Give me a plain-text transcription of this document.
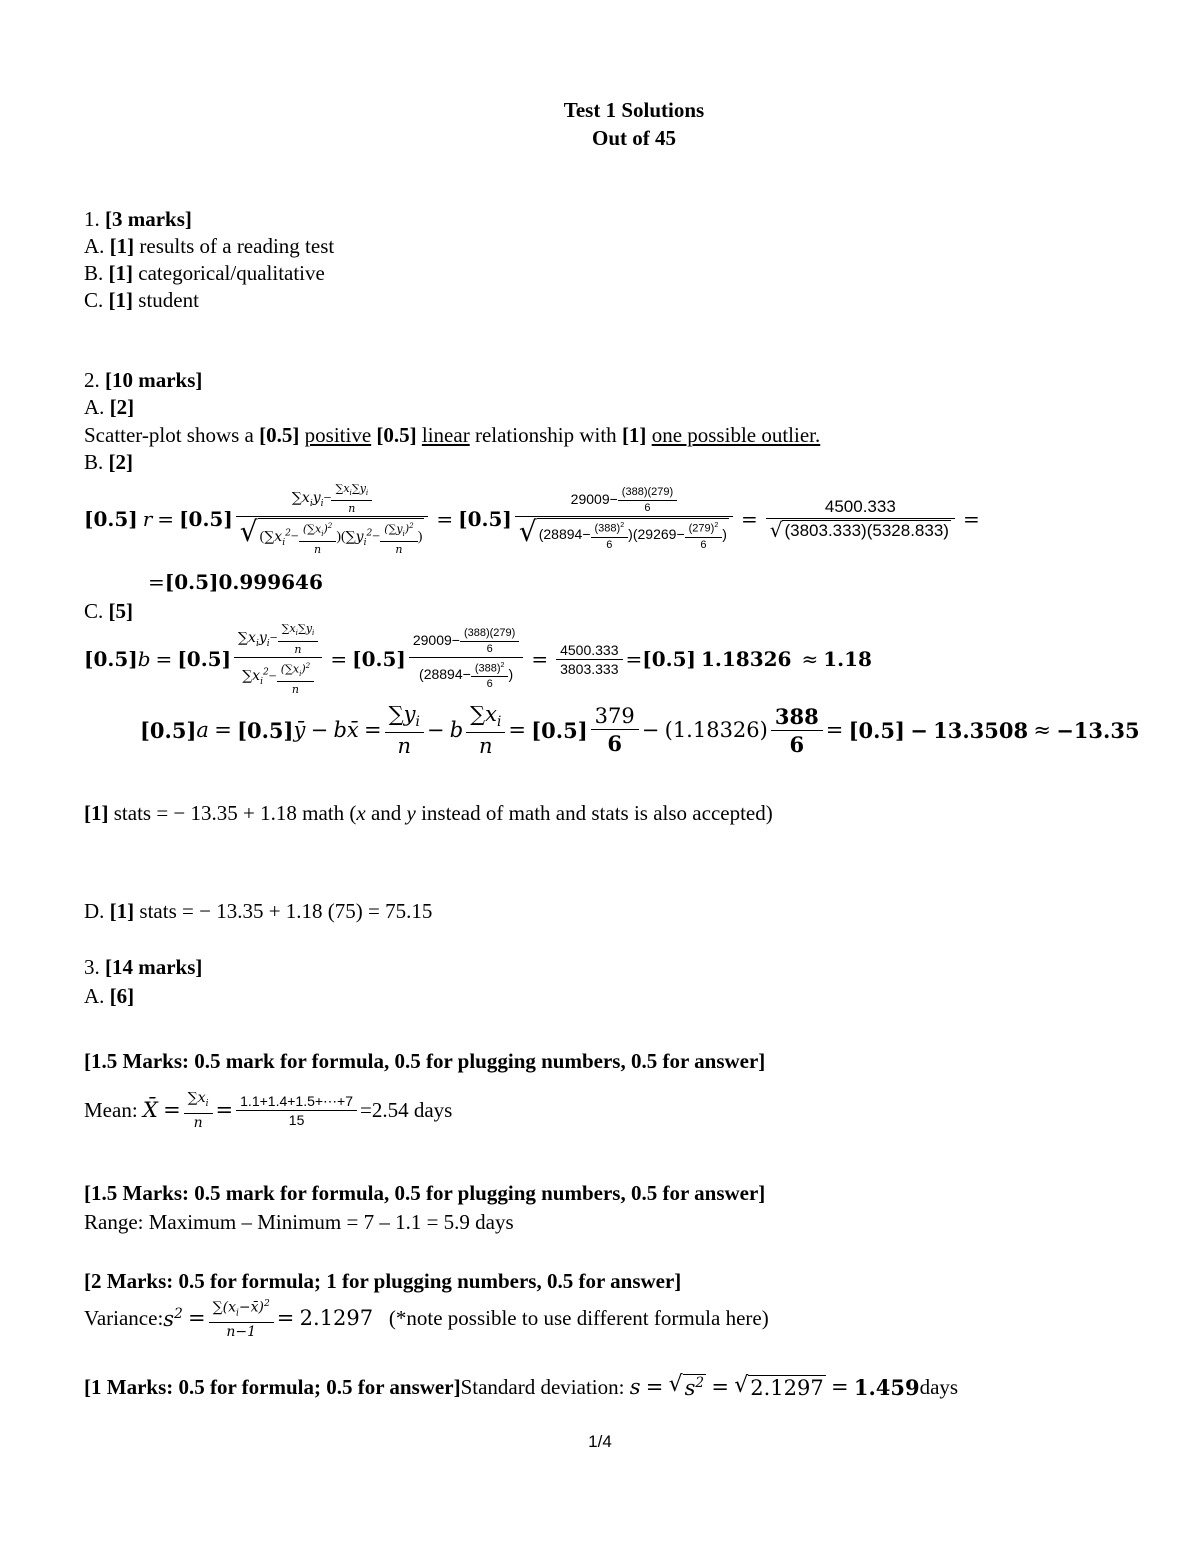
Test 1 Solutions
Out of 45
1. [3 marks]
A. [1] results of a reading test
B. [1] categorical/qualitative
C. [1] student
2. [10 marks]
A. [2]
Scatter-plot shows a [0.5] positive [0.5] linear relationship with [1] one possible outlier.
B. [2]
[0.5]
r
=
$[0.5] \frac{\sum x_iy_i- \frac{\sum x_i\sum y_i}{n}}{√ (\sum x_i^2- \frac{(\sum x_i)^2}{n} )(\sum y_i^2- \frac{(\sum y_i)^2}{n} )}$
=
$[0.5] \frac{29009- \frac{(388)(279)}{6}}{√ (28894- \frac{(388)^2}{6} )(29269- \frac{(279)^2}{6} )}$
=
$\frac{4500.333}{√ (3803.333)(5328.833)}$
=
= [0.5] 0.999646
C. [5]
[0.5] b
=
$[0.5] \frac{\sum x_iy_i- \frac{\sum x_i\sum y_i}{n}}{\sum x_i^2- \frac{(\sum x_i)^2}{n}}$
=
$[0.5] \frac{29009- \frac{(388)(279)}{6}}{(28894- \frac{(388)^2}{6} )}$
=
$\frac{4500.333}{3803.333} = [0.5]$
1.18326
≈
1.18
[0.5] a
=
[0.5] ȳ
−
bx̄
= $\frac{\sum y_i}{n}$ −
b $\frac{\sum x_i}{n}$ =
$[0.5] \frac{379}{6}$ −
$(1.18326) \frac{388}{6}$ =
[0.5]
−
13.3508
≈
− 13.35
[1] stats = − 13.35 + 1.18 math (x and y instead of math and stats is also accepted)
D. [1] stats = − 13.35 + 1.18 (75) = 75.15
3. [14 marks]
A. [6]
[1.5 Marks: 0.5 mark for formula, 0.5 for plugging numbers, 0.5 for answer]
Mean:
X̄
= $\frac{\sum x_i}{n} = \frac{1.1+1.4+1.5+\cdots+7}{15} =2.54$ days
[1.5 Marks: 0.5 mark for formula, 0.5 for plugging numbers, 0.5 for answer]
Range: Maximum – Minimum = 7 – 1.1 = 5.9 days
[2 Marks: 0.5 for formula; 1 for plugging numbers, 0.5 for answer]
Variance: $s^2$
= $\frac{\sum(x_i-x̄)^2}{n-1}$ =
2.1297
(*note possible to use different formula here)
[1 Marks: 0.5 for formula; 0.5 for answer] Standard deviation:
s
=
√ $s^2$
=
√ 2.1297
=
1.459 days
1/4
